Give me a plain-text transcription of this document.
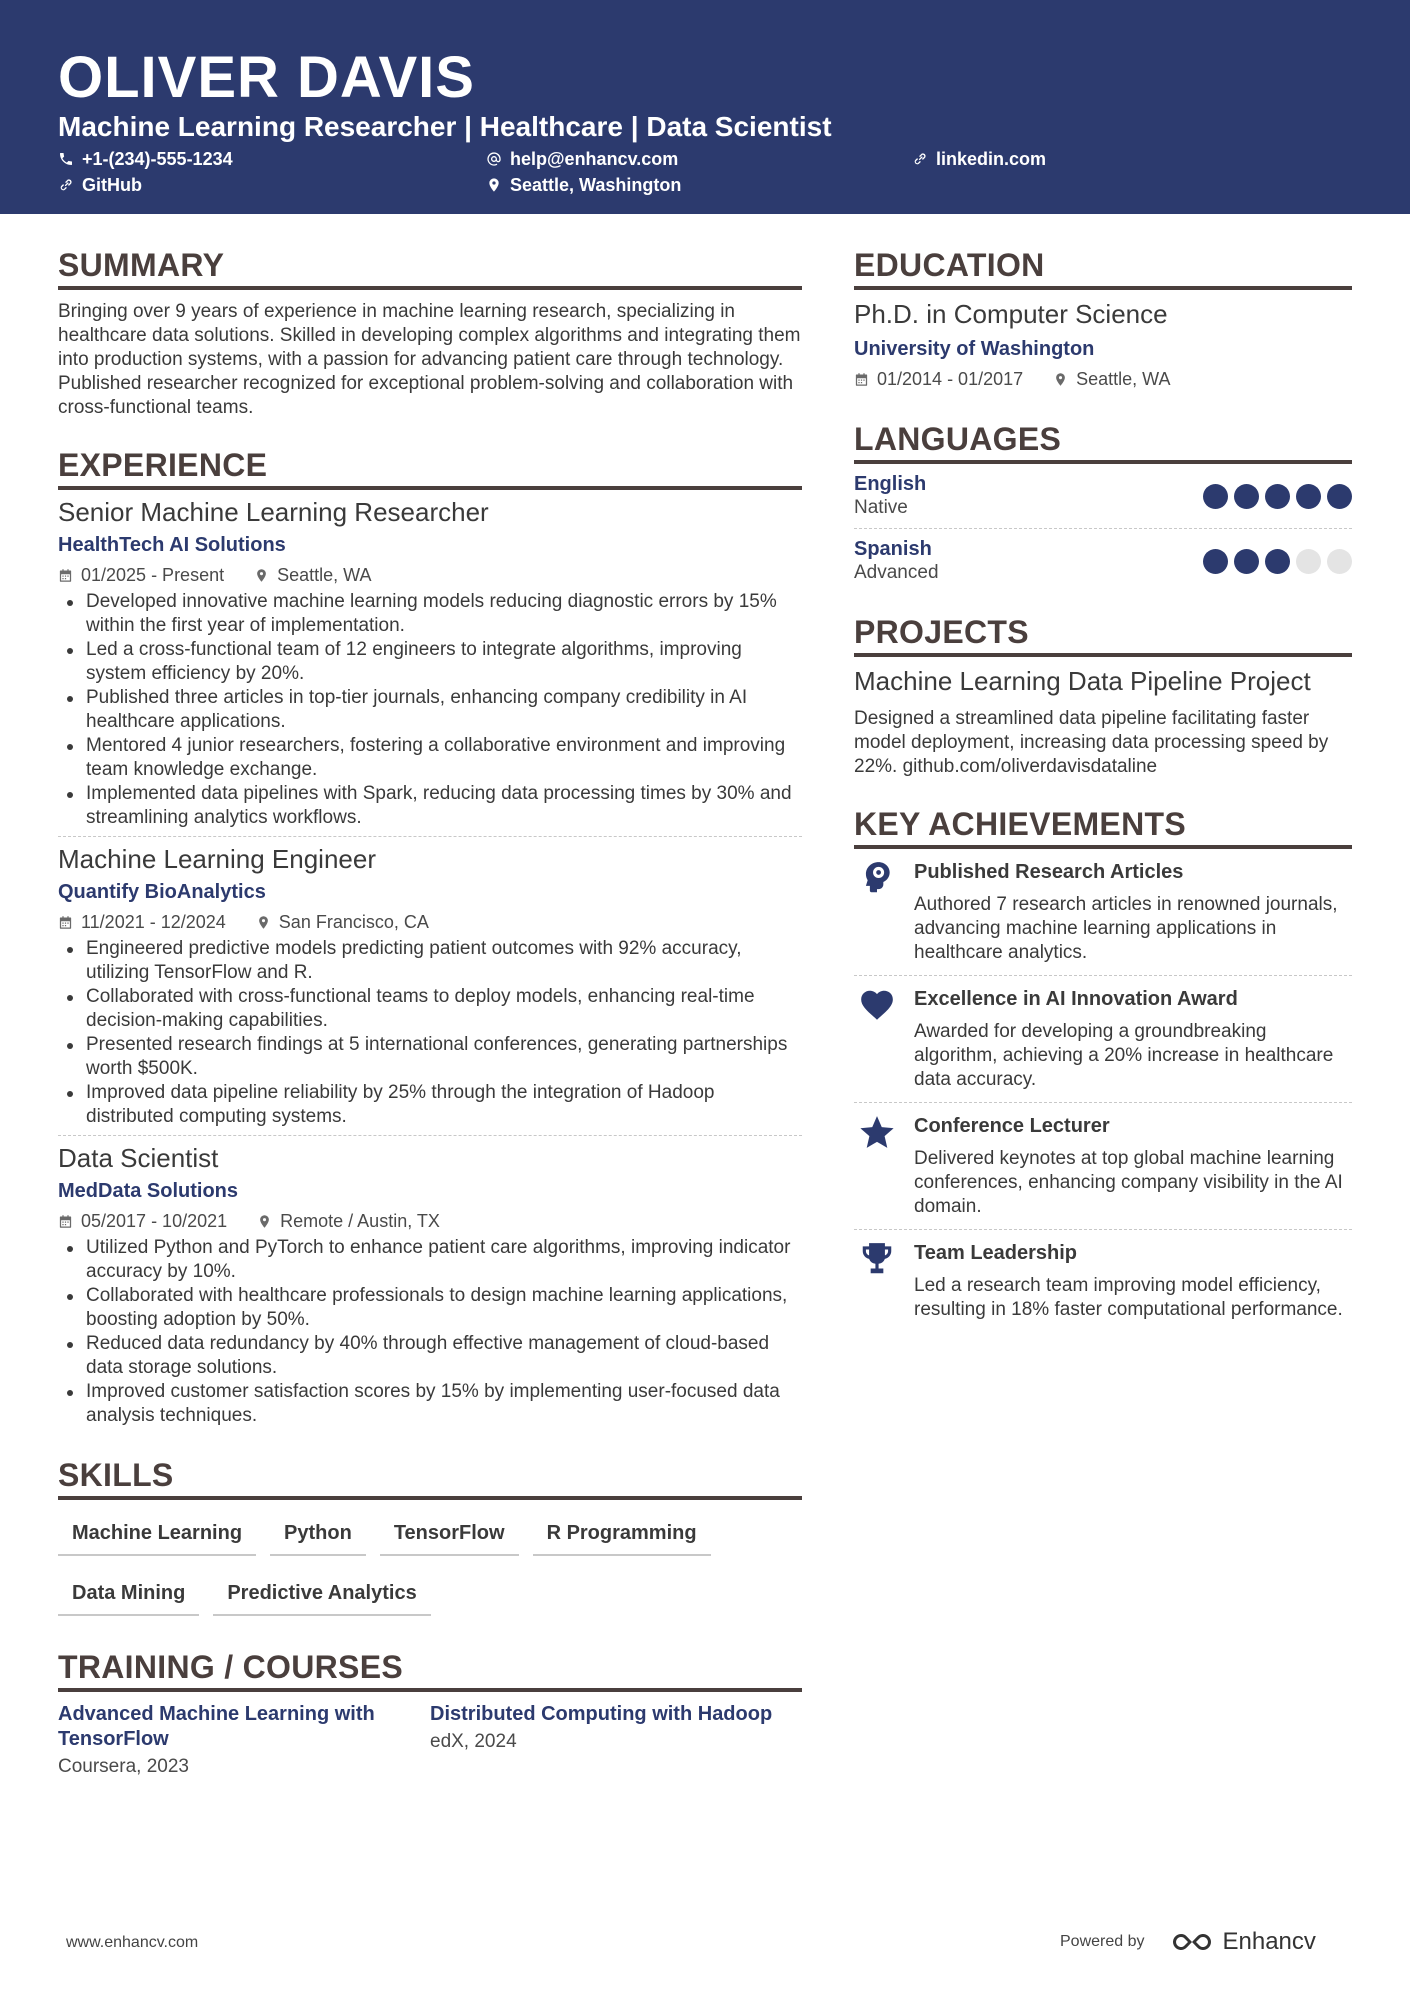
OLIVER DAVIS
Machine Learning Researcher | Healthcare | Data Scientist
+1-(234)-555-1234	help@enhancv.com	linkedin.com
GitHub	Seattle, Washington
SUMMARY

Bringing over 9 years of experience in machine learning research, specializing in healthcare data solutions. Skilled in developing complex algorithms and integrating them into production systems, with a passion for advancing patient care through technology. Published researcher recognized for exceptional problem-solving and collaboration with cross-functional teams.

EXPERIENCE
Senior Machine Learning Researcher
HealthTech AI Solutions
01/2025 - Present	Seattle, WA
Developed innovative machine learning models reducing diagnostic errors by 15% within the first year of implementation.
Led a cross-functional team of 12 engineers to integrate algorithms, improving system efficiency by 20%.
Published three articles in top-tier journals, enhancing company credibility in AI healthcare applications.
Mentored 4 junior researchers, fostering a collaborative environment and improving team knowledge exchange.
Implemented data pipelines with Spark, reducing data processing times by 30% and streamlining analytics workflows.
Machine Learning Engineer
Quantify BioAnalytics
11/2021 - 12/2024	San Francisco, CA
Engineered predictive models predicting patient outcomes with 92% accuracy, utilizing TensorFlow and R.
Collaborated with cross-functional teams to deploy models, enhancing real-time decision-making capabilities.
Presented research findings at 5 international conferences, generating partnerships worth $500K.
Improved data pipeline reliability by 25% through the integration of Hadoop distributed computing systems.
Data Scientist
MedData Solutions
05/2017 - 10/2021	Remote / Austin, TX
Utilized Python and PyTorch to enhance patient care algorithms, improving indicator accuracy by 10%.
Collaborated with healthcare professionals to design machine learning applications, boosting adoption by 50%.
Reduced data redundancy by 40% through effective management of cloud-based data storage solutions.
Improved customer satisfaction scores by 15% by implementing user-focused data analysis techniques.
SKILLS
Machine Learning	Python	TensorFlow	R Programming
Data Mining	Predictive Analytics
TRAINING / COURSES
Advanced Machine Learning with TensorFlow
Coursera, 2023
Distributed Computing with Hadoop
edX, 2024
EDUCATION
Ph.D. in Computer Science
University of Washington
01/2014 - 01/2017	Seattle, WA
LANGUAGES
English
Native
Spanish
Advanced
PROJECTS
Machine Learning Data Pipeline Project

Designed a streamlined data pipeline facilitating faster model deployment, increasing data processing speed by 22%. github.com/oliverdavisdataline

KEY ACHIEVEMENTS
Published Research Articles
Authored 7 research articles in renowned journals, advancing machine learning applications in healthcare analytics.
Excellence in AI Innovation Award
Awarded for developing a groundbreaking algorithm, achieving a 20% increase in healthcare data accuracy.
Conference Lecturer
Delivered keynotes at top global machine learning conferences, enhancing company visibility in the AI domain.
Team Leadership
Led a research team improving model efficiency, resulting in 18% faster computational performance.
www.enhancv.com	Powered by	Enhancv
